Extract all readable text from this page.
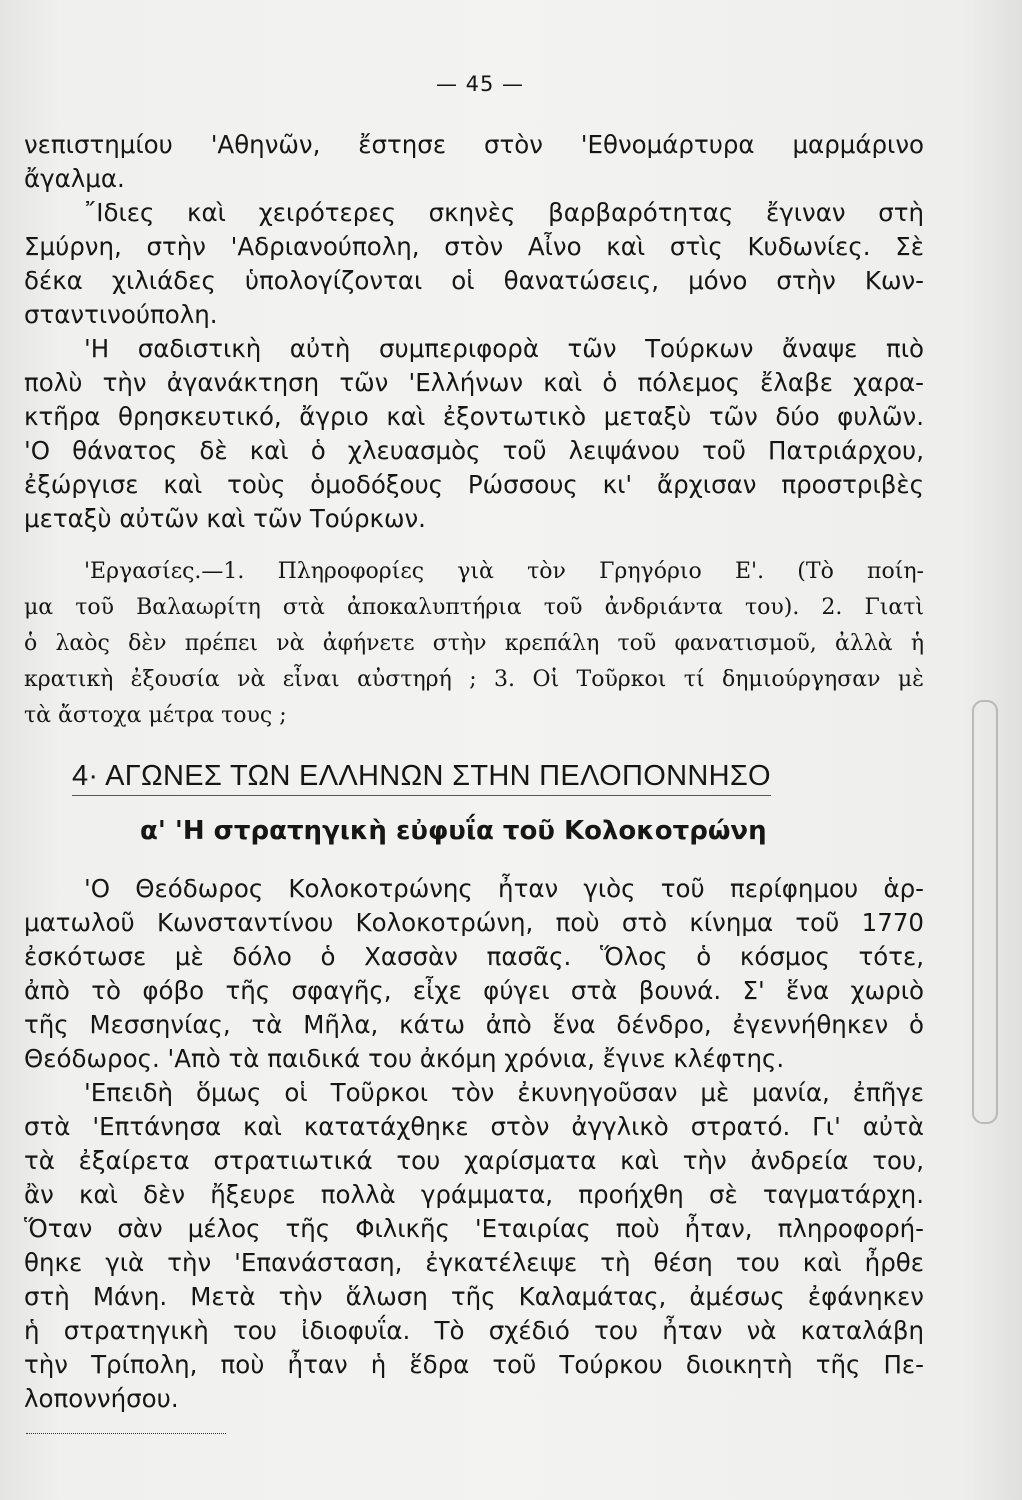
— 45 —
νεπιστημίου 'Αθηνῶν, ἔστησε στὸν 'Εθνομάρτυρα μαρμάρινο
ἄγαλμα.
῎Ιδιες καὶ χειρότερες σκηνὲς βαρβαρότητας ἔγιναν στὴ
Σμύρνη, στὴν 'Αδριανούπολη, στὸν Αἶνο καὶ στὶς Κυδωνίες. Σὲ
δέκα χιλιάδες ὑπολογίζονται οἱ θανατώσεις, μόνο στὴν Κων-
σταντινούπολη.
'Η σαδιστικὴ αὐτὴ συμπεριφορὰ τῶν Τούρκων ἄναψε πιὸ
πολὺ τὴν ἀγανάκτηση τῶν 'Ελλήνων καὶ ὁ πόλεμος ἔλαβε χαρα-
κτῆρα θρησκευτικό, ἄγριο καὶ ἐξοντωτικὸ μεταξὺ τῶν δύο φυλῶν.
'Ο θάνατος δὲ καὶ ὁ χλευασμὸς τοῦ λειψάνου τοῦ Πατριάρχου,
ἐξώργισε καὶ τοὺς ὁμοδόξους Ρώσσους κι' ἄρχισαν προστριβὲς
μεταξὺ αὐτῶν καὶ τῶν Τούρκων.
'Εργασίες.—1. Πληροφορίες γιὰ τὸν Γρηγόριο Ε'. (Τὸ ποίη-
μα τοῦ Βαλαωρίτη στὰ ἀποκαλυπτήρια τοῦ ἀνδριάντα του). 2. Γιατὶ
ὁ λαὸς δὲν πρέπει νὰ ἀφήνετε στὴν κρεπάλη τοῦ φανατισμοῦ, ἀλλὰ ἡ
κρατικὴ ἐξουσία νὰ εἶναι αὐστηρή ; 3. Οἱ Τοῦρκοι τί δημιούργησαν μὲ
τὰ ἄστοχα μέτρα τους ;
4· ΑΓΩΝΕΣ ΤΩΝ ΕΛΛΗΝΩΝ ΣΤΗΝ ΠΕΛΟΠΟΝΝΗΣΟ
α' 'Η στρατηγικὴ εὐφυΐα τοῦ Κολοκοτρώνη
'Ο Θεόδωρος Κολοκοτρώνης ἦταν γιὸς τοῦ περίφημου ἁρ-
ματωλοῦ Κωνσταντίνου Κολοκοτρώνη, ποὺ στὸ κίνημα τοῦ 1770
ἐσκότωσε μὲ δόλο ὁ Χασσὰν πασᾶς. Ὅλος ὁ κόσμος τότε,
ἀπὸ τὸ φόβο τῆς σφαγῆς, εἶχε φύγει στὰ βουνά. Σ' ἕνα χωριὸ
τῆς Μεσσηνίας, τὰ Μῆλα, κάτω ἀπὸ ἕνα δένδρο, ἐγεννήθηκεν ὁ
Θεόδωρος. 'Απὸ τὰ παιδικά του ἀκόμη χρόνια, ἔγινε κλέφτης.
'Επειδὴ ὅμως οἱ Τοῦρκοι τὸν ἐκυνηγοῦσαν μὲ μανία, ἐπῆγε
στὰ 'Επτάνησα καὶ κατατάχθηκε στὸν ἀγγλικὸ στρατό. Γι' αὐτὰ
τὰ ἐξαίρετα στρατιωτικά του χαρίσματα καὶ τὴν ἀνδρεία του,
ἂν καὶ δὲν ἤξευρε πολλὰ γράμματα, προήχθη σὲ ταγματάρχη.
Ὅταν σὰν μέλος τῆς Φιλικῆς 'Εταιρίας ποὺ ἦταν, πληροφορή-
θηκε γιὰ τὴν 'Επανάσταση, ἐγκατέλειψε τὴ θέση του καὶ ἦρθε
στὴ Μάνη. Μετὰ τὴν ἅλωση τῆς Καλαμάτας, ἀμέσως ἐφάνηκεν
ἡ στρατηγικὴ του ἰδιοφυΐα. Τὸ σχέδιό του ἦταν νὰ καταλάβη
τὴν Τρίπολη, ποὺ ἦταν ἡ ἕδρα τοῦ Τούρκου διοικητὴ τῆς Πε-
λοποννήσου.
